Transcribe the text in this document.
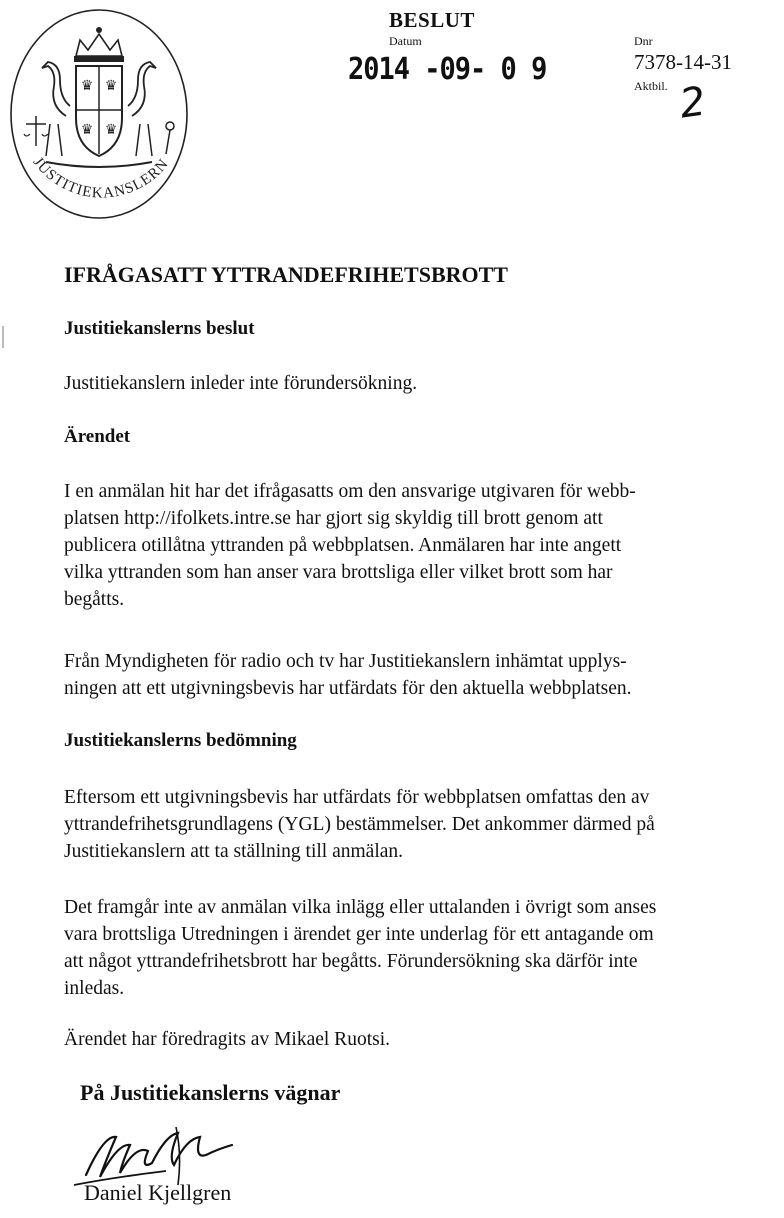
♛ ♛
♛ ♛
JUSTITIEKANSLERN
BESLUT
Datum
2014 -09- 0 9
Dnr
7378-14-31
Aktbil. 2
IFRÅGASATT YTTRANDEFRIHETSBROTT
Justitiekanslerns beslut
Justitiekanslern inleder inte förundersökning.
Ärendet
I en anmälan hit har det ifrågasatts om den ansvarige utgivaren för webb-
platsen http://ifolkets.intre.se har gjort sig skyldig till brott genom att
publicera otillåtna yttranden på webbplatsen. Anmälaren har inte angett
vilka yttranden som han anser vara brottsliga eller vilket brott som har
begåtts.
Från Myndigheten för radio och tv har Justitiekanslern inhämtat upplys-
ningen att ett utgivningsbevis har utfärdats för den aktuella webbplatsen.
Justitiekanslerns bedömning
Eftersom ett utgivningsbevis har utfärdats för webbplatsen omfattas den av
yttrandefrihetsgrundlagens (YGL) bestämmelser. Det ankommer därmed på
Justitiekanslern att ta ställning till anmälan.
Det framgår inte av anmälan vilka inlägg eller uttalanden i övrigt som anses
vara brottsliga Utredningen i ärendet ger inte underlag för ett antagande om
att något yttrandefrihetsbrott har begåtts. Förundersökning ska därför inte
inledas.
Ärendet har föredragits av Mikael Ruotsi.
På Justitiekanslerns vägnar
Daniel Kjellgren
